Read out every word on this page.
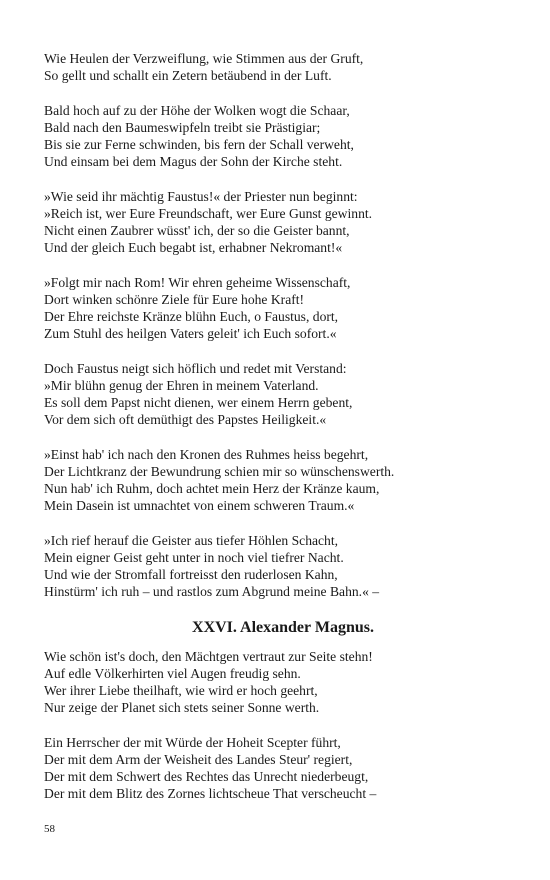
Wie Heulen der Verzweiflung, wie Stimmen aus der Gruft,
So gellt und schallt ein Zetern betäubend in der Luft.
Bald hoch auf zu der Höhe der Wolken wogt die Schaar,
Bald nach den Baumeswipfeln treibt sie Prästigiar;
Bis sie zur Ferne schwinden, bis fern der Schall verweht,
Und einsam bei dem Magus der Sohn der Kirche steht.
»Wie seid ihr mächtig Faustus!« der Priester nun beginnt:
»Reich ist, wer Eure Freundschaft, wer Eure Gunst gewinnt.
Nicht einen Zaubrer wüsst' ich, der so die Geister bannt,
Und der gleich Euch begabt ist, erhabner Nekromant!«
»Folgt mir nach Rom! Wir ehren geheime Wissenschaft,
Dort winken schönre Ziele für Eure hohe Kraft!
Der Ehre reichste Kränze blühn Euch, o Faustus, dort,
Zum Stuhl des heilgen Vaters geleit' ich Euch sofort.«
Doch Faustus neigt sich höflich und redet mit Verstand:
»Mir blühn genug der Ehren in meinem Vaterland.
Es soll dem Papst nicht dienen, wer einem Herrn gebent,
Vor dem sich oft demüthigt des Papstes Heiligkeit.«
»Einst hab' ich nach den Kronen des Ruhmes heiss begehrt,
Der Lichtkranz der Bewundrung schien mir so wünschenswerth.
Nun hab' ich Ruhm, doch achtet mein Herz der Kränze kaum,
Mein Dasein ist umnachtet von einem schweren Traum.«
»Ich rief herauf die Geister aus tiefer Höhlen Schacht,
Mein eigner Geist geht unter in noch viel tiefrer Nacht.
Und wie der Stromfall fortreisst den ruderlosen Kahn,
Hinstürm' ich ruh – und rastlos zum Abgrund meine Bahn.« –
XXVI. Alexander Magnus.
Wie schön ist's doch, den Mächtgen vertraut zur Seite stehn!
Auf edle Völkerhirten viel Augen freudig sehn.
Wer ihrer Liebe theilhaft, wie wird er hoch geehrt,
Nur zeige der Planet sich stets seiner Sonne werth.
Ein Herrscher der mit Würde der Hoheit Scepter führt,
Der mit dem Arm der Weisheit des Landes Steur' regiert,
Der mit dem Schwert des Rechtes das Unrecht niederbeugt,
Der mit dem Blitz des Zornes lichtscheue That verscheucht –
58
